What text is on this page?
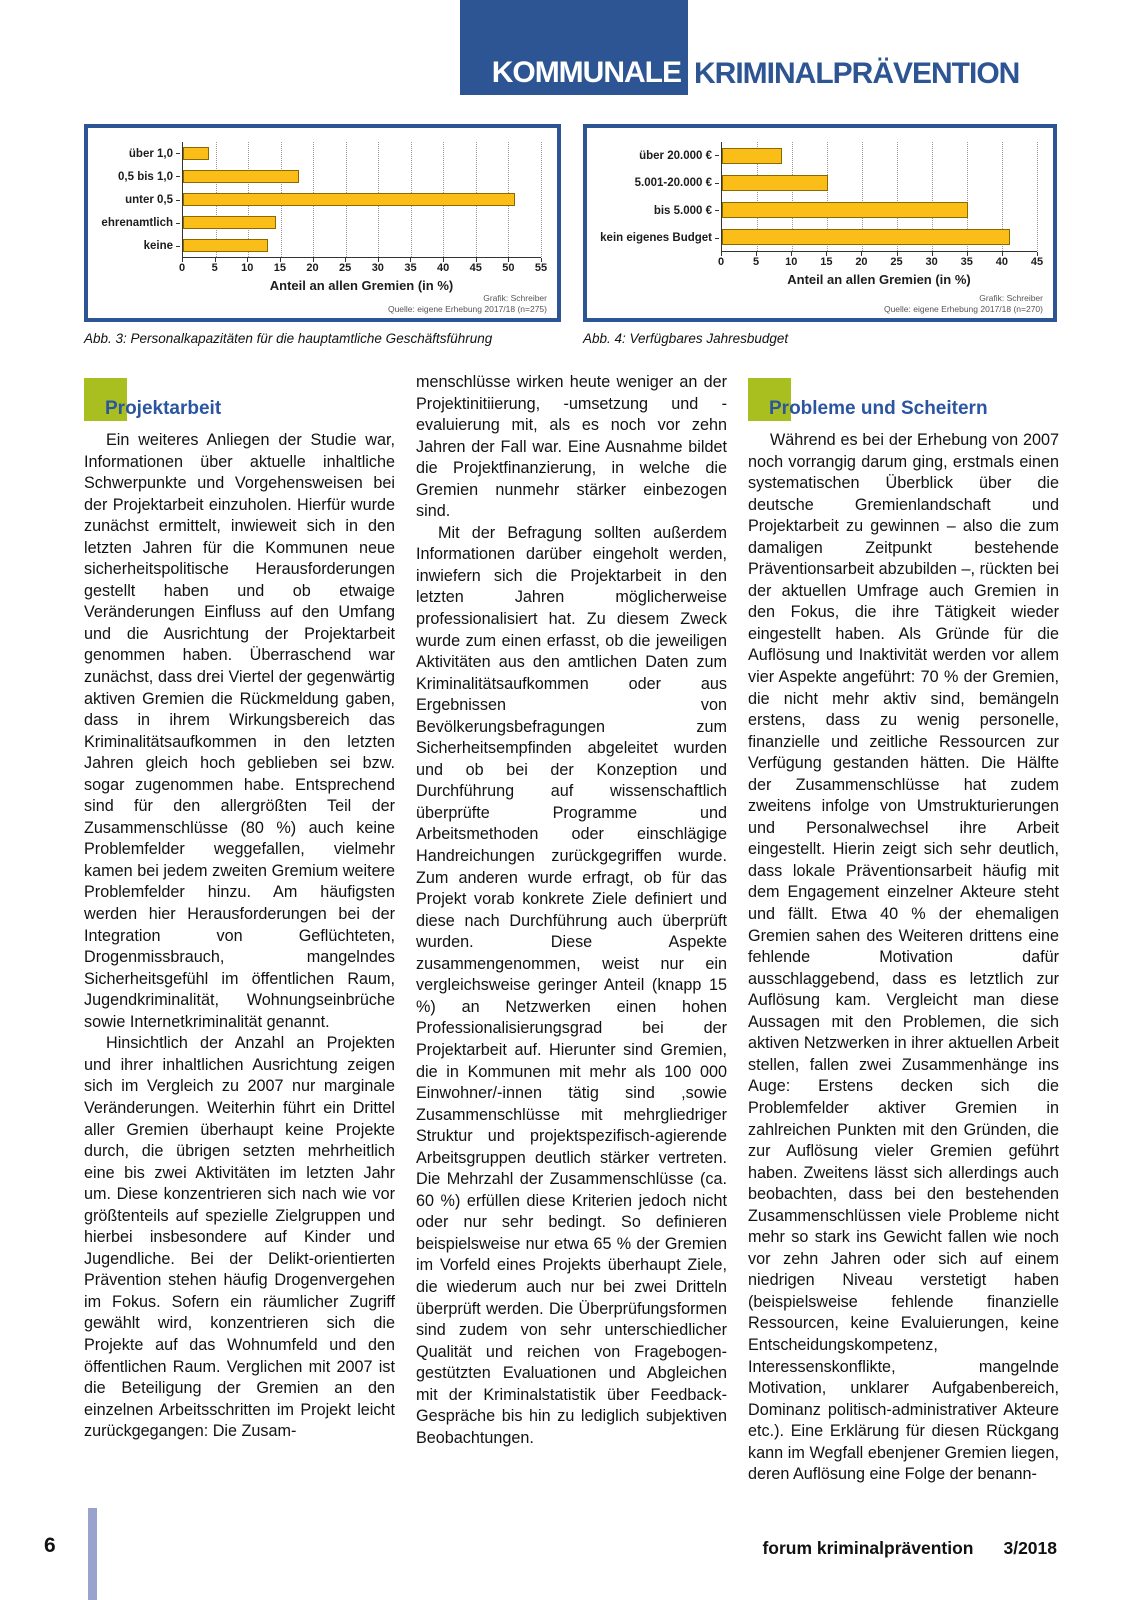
KOMMUNALE KRIMINALPRÄVENTION
über 1,0
0,5 bis 1,0
unter 0,5
ehrenamtlich
keine
0 5 10 15 20 25 30 35 40 45 50 55
Anteil an allen Gremien (in %)
Grafik: Schreiber
Quelle: eigene Erhebung 2017/18 (n=275)
über 20.000 €
5.001-20.000 €
bis 5.000 €
kein eigenes Budget
0	5 10 15 20 25 30 35 40 45
Anteil an allen Gremien (in %)
Grafik: Schreiber
Quelle: eigene Erhebung 2017/18 (n=270)
Abb. 3: Personalkapazitäten für die hauptamtliche Geschäftsführung	Abb. 4: Verfügbares Jahresbudget
Projektarbeit

Ein weiteres Anliegen der Studie war, Informationen über aktuelle inhaltliche Schwerpunkte und Vorgehensweisen bei der Projektarbeit einzuholen. Hierfür wurde zunächst ermittelt, inwieweit sich in den letzten Jahren für die Kommunen neue sicherheitspolitische Herausforderungen gestellt haben und ob etwaige Veränderungen Einfluss auf den Umfang und die Ausrichtung der Projektarbeit genommen haben. Überraschend war zunächst, dass drei Viertel der gegenwärtig aktiven Gremien die Rückmeldung gaben, dass in ihrem Wirkungsbereich das Kriminalitätsaufkommen in den letzten Jahren gleich hoch geblieben sei bzw. sogar zugenommen habe. Entsprechend sind für den allergrößten Teil der Zusammenschlüsse (80 %) auch keine Problemfelder weggefallen, vielmehr kamen bei jedem zweiten Gremium weitere Problemfelder hinzu. Am häufigsten werden hier Herausforderungen bei der Integration von Geflüchteten, Drogenmissbrauch, mangelndes Sicherheitsgefühl im öffentlichen Raum, Jugendkriminalität, Wohnungseinbrüche sowie Internetkriminalität genannt.

Hinsichtlich der Anzahl an Projekten und ihrer inhaltlichen Ausrichtung zeigen sich im Vergleich zu 2007 nur marginale Veränderungen. Weiterhin führt ein Drittel aller Gremien überhaupt keine Projekte durch, die übrigen setzten mehrheitlich eine bis zwei Aktivitäten im letzten Jahr um. Diese konzentrieren sich nach wie vor größtenteils auf spezielle Zielgruppen und hierbei insbesondere auf Kinder und Jugendliche. Bei der Delikt-orientierten Prävention stehen häufig Drogenvergehen im Fokus. Sofern ein räumlicher Zugriff gewählt wird, konzentrieren sich die Projekte auf das Wohnumfeld und den öffentlichen Raum. Verglichen mit 2007 ist die Beteiligung der Gremien an den einzelnen Arbeitsschritten im Projekt leicht zurückgegangen: Die Zusam-

menschlüsse wirken heute weniger an der Projektinitiierung, -umsetzung und -evaluierung mit, als es noch vor zehn Jahren der Fall war. Eine Ausnahme bildet die Projektfinanzierung, in welche die Gremien nunmehr stärker einbezogen sind.

Mit der Befragung sollten außerdem Informationen darüber eingeholt werden, inwiefern sich die Projektarbeit in den letzten Jahren möglicherweise professionalisiert hat. Zu diesem Zweck wurde zum einen erfasst, ob die jeweiligen Aktivitäten aus den amtlichen Daten zum Kriminalitätsaufkommen oder aus Ergebnissen von Bevölkerungsbefragungen zum Sicherheitsempfinden abgeleitet wurden und ob bei der Konzeption und Durchführung auf wissenschaftlich überprüfte Programme und Arbeitsmethoden oder einschlägige Handreichungen zurückgegriffen wurde. Zum anderen wurde erfragt, ob für das Projekt vorab konkrete Ziele definiert und diese nach Durchführung auch überprüft wurden. Diese Aspekte zusammengenommen, weist nur ein vergleichsweise geringer Anteil (knapp 15 %) an Netzwerken einen hohen Professionalisierungsgrad bei der Projektarbeit auf. Hierunter sind Gremien, die in Kommunen mit mehr als 100 000 Einwohner/-innen tätig sind ,sowie Zusammenschlüsse mit mehrgliedriger Struktur und projektspezifisch-agierende Arbeitsgruppen deutlich stärker vertreten. Die Mehrzahl der Zusammenschlüsse (ca. 60 %) erfüllen diese Kriterien jedoch nicht oder nur sehr bedingt. So definieren beispielsweise nur etwa 65 % der Gremien im Vorfeld eines Projekts überhaupt Ziele, die wiederum auch nur bei zwei Dritteln überprüft werden. Die Überprüfungsformen sind zudem von sehr unterschiedlicher Qualität und reichen von Fragebogen-gestützten Evaluationen und Abgleichen mit der Kriminalstatistik über Feedback-Gespräche bis hin zu lediglich subjektiven Beobachtungen.

Probleme und Scheitern

Während es bei der Erhebung von 2007 noch vorrangig darum ging, erstmals einen systematischen Überblick über die deutsche Gremienlandschaft und Projektarbeit zu gewinnen – also die zum damaligen Zeitpunkt bestehende Präventionsarbeit abzubilden –, rückten bei der aktuellen Umfrage auch Gremien in den Fokus, die ihre Tätigkeit wieder eingestellt haben. Als Gründe für die Auflösung und Inaktivität werden vor allem vier Aspekte angeführt: 70 % der Gremien, die nicht mehr aktiv sind, bemängeln erstens, dass zu wenig personelle, finanzielle und zeitliche Ressourcen zur Verfügung gestanden hätten. Die Hälfte der Zusammenschlüsse hat zudem zweitens infolge von Umstrukturierungen und Personalwechsel ihre Arbeit eingestellt. Hierin zeigt sich sehr deutlich, dass lokale Präventionsarbeit häufig mit dem Engagement einzelner Akteure steht und fällt. Etwa 40 % der ehemaligen Gremien sahen des Weiteren drittens eine fehlende Motivation dafür ausschlaggebend, dass es letztlich zur Auflösung kam. Vergleicht man diese Aussagen mit den Problemen, die sich aktiven Netzwerken in ihrer aktuellen Arbeit stellen, fallen zwei Zusammenhänge ins Auge: Erstens decken sich die Problemfelder aktiver Gremien in zahlreichen Punkten mit den Gründen, die zur Auflösung vieler Gremien geführt haben. Zweitens lässt sich allerdings auch beobachten, dass bei den bestehenden Zusammenschlüssen viele Probleme nicht mehr so stark ins Gewicht fallen wie noch vor zehn Jahren oder sich auf einem niedrigen Niveau verstetigt haben (beispielsweise fehlende finanzielle Ressourcen, keine Evaluierungen, keine Entscheidungskompetenz, Interessenskonflikte, mangelnde Motivation, unklarer Aufgabenbereich, Dominanz politisch-administrativer Akteure etc.). Eine Erklärung für diesen Rückgang kann im Wegfall ebenjener Gremien liegen, deren Auflösung eine Folge der benann-

6	forum kriminalprävention 3/2018
